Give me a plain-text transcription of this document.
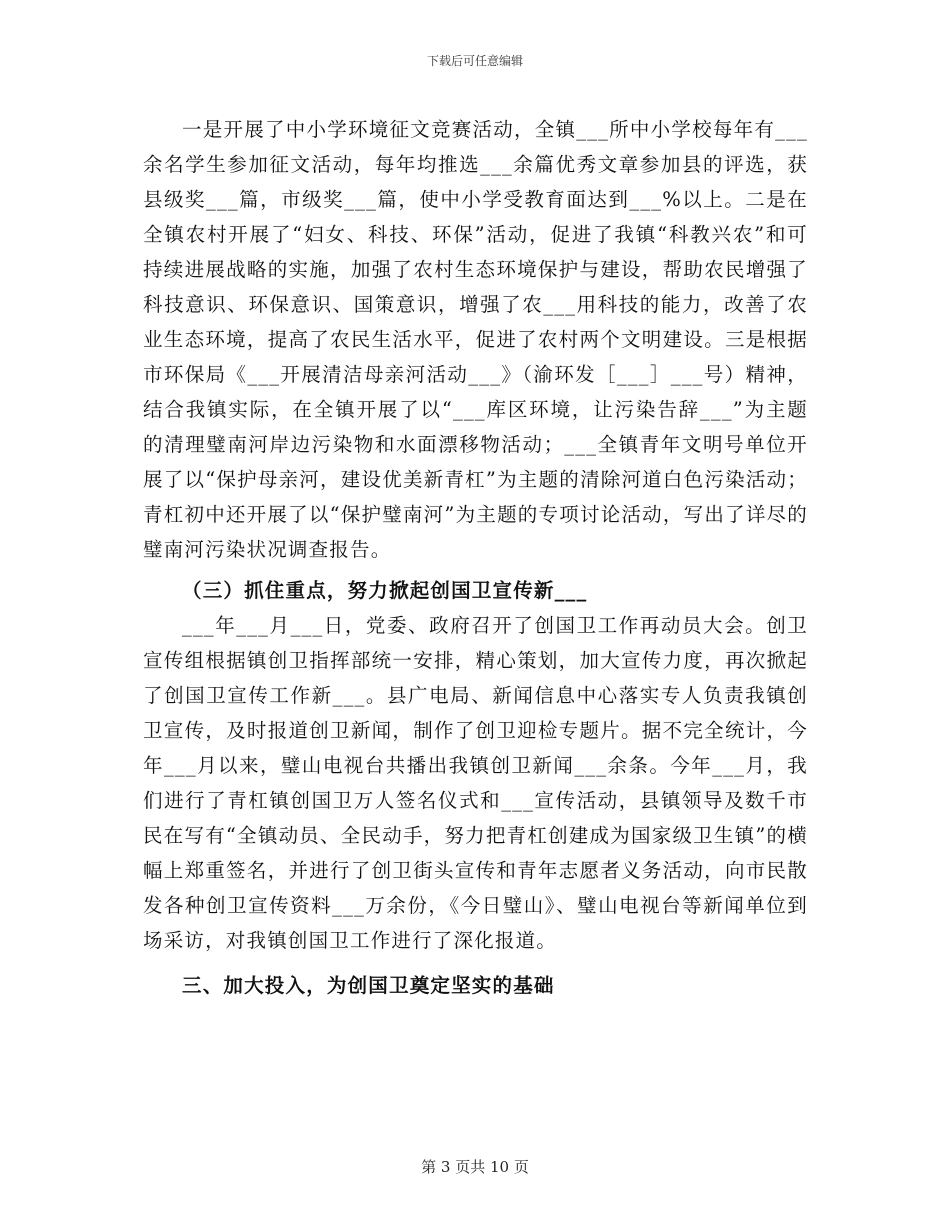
下载后可任意编辑

一是开展了中小学环境征文竞赛活动，全镇___所中小学校每年有___余名学生参加征文活动，每年均推选___余篇优秀文章参加县的评选，获县级奖___篇，市级奖___篇，使中小学受教育面达到___%以上。二是在全镇农村开展了“妇女、科技、环保”活动，促进了我镇“科教兴农”和可持续进展战略的实施，加强了农村生态环境保护与建设，帮助农民增强了科技意识、环保意识、国策意识，增强了农___用科技的能力，改善了农业生态环境，提高了农民生活水平，促进了农村两个文明建设。三是根据市环保局《___开展清洁母亲河活动___》（渝环发［___］___号）精神，结合我镇实际，在全镇开展了以“___库区环境，让污染告辞___”为主题的清理璧南河岸边污染物和水面漂移物活动；___全镇青年文明号单位开展了以“保护母亲河，建设优美新青杠”为主题的清除河道白色污染活动；青杠初中还开展了以“保护璧南河”为主题的专项讨论活动，写出了详尽的璧南河污染状况调查报告。

（三）抓住重点，努力掀起创国卫宣传新___

___年___月___日，党委、政府召开了创国卫工作再动员大会。创卫宣传组根据镇创卫指挥部统一安排，精心策划，加大宣传力度，再次掀起了创国卫宣传工作新___。县广电局、新闻信息中心落实专人负责我镇创卫宣传，及时报道创卫新闻，制作了创卫迎检专题片。据不完全统计，今年___月以来，璧山电视台共播出我镇创卫新闻___余条。今年___月，我们进行了青杠镇创国卫万人签名仪式和___宣传活动，县镇领导及数千市民在写有“全镇动员、全民动手，努力把青杠创建成为国家级卫生镇”的横幅上郑重签名，并进行了创卫街头宣传和青年志愿者义务活动，向市民散发各种创卫宣传资料___万余份，《今日璧山》、璧山电视台等新闻单位到场采访，对我镇创国卫工作进行了深化报道。

三、加大投入，为创国卫奠定坚实的基础

第 3 页共 10 页
